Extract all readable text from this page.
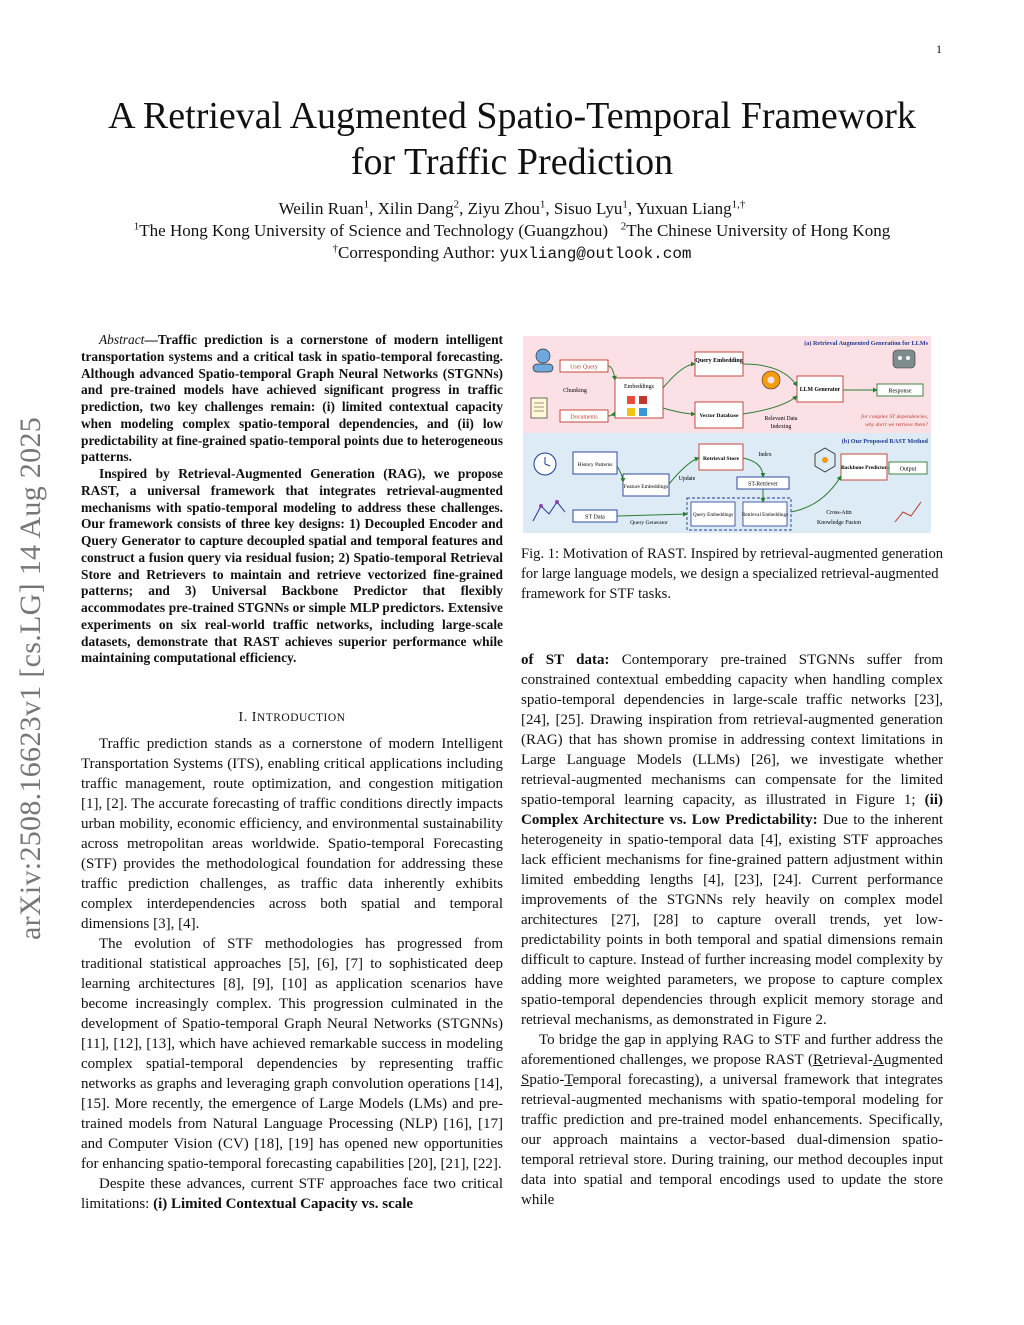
1
arXiv:2508.16623v1 [cs.LG] 14 Aug 2025
A Retrieval Augmented Spatio-Temporal Framework
for Traffic Prediction
Weilin Ruan$^1$, Xilin Dang$^2$, Ziyu Zhou$^1$, Sisuo Lyu$^1$, Yuxuan Liang$^{1,\dagger}$
$^1$The Hong Kong University of Science and Technology (Guangzhou) $^2$The Chinese University of Hong Kong
†Corresponding Author: yuxliang@outlook.com

Abstract—Traffic prediction is a cornerstone of modern intelligent transportation systems and a critical task in spatio-temporal forecasting. Although advanced Spatio-temporal Graph Neural Networks (STGNNs) and pre-trained models have achieved significant progress in traffic prediction, two key challenges remain: (i) limited contextual capacity when modeling complex spatio-temporal dependencies, and (ii) low predictability at fine-grained spatio-temporal points due to heterogeneous patterns.

Inspired by Retrieval-Augmented Generation (RAG), we propose RAST, a universal framework that integrates retrieval-augmented mechanisms with spatio-temporal modeling to address these challenges. Our framework consists of three key designs: 1) Decoupled Encoder and Query Generator to capture decoupled spatial and temporal features and construct a fusion query via residual fusion; 2) Spatio-temporal Retrieval Store and Retrievers to maintain and retrieve vectorized fine-grained patterns; and 3) Universal Backbone Predictor that flexibly accommodates pre-trained STGNNs or simple MLP predictors. Extensive experiments on six real-world traffic networks, including large-scale datasets, demonstrate that RAST achieves superior performance while maintaining computational efficiency.

I. INTRODUCTION

Traffic prediction stands as a cornerstone of modern Intelligent Transportation Systems (ITS), enabling critical applications including traffic management, route optimization, and congestion mitigation [1], [2]. The accurate forecasting of traffic conditions directly impacts urban mobility, economic efficiency, and environmental sustainability across metropolitan areas worldwide. Spatio-temporal Forecasting (STF) provides the methodological foundation for addressing these traffic prediction challenges, as traffic data inherently exhibits complex interdependencies across both spatial and temporal dimensions [3], [4].

The evolution of STF methodologies has progressed from traditional statistical approaches [5], [6], [7] to sophisticated deep learning architectures [8], [9], [10] as application scenarios have become increasingly complex. This progression culminated in the development of Spatio-temporal Graph Neural Networks (STGNNs) [11], [12], [13], which have achieved remarkable success in modeling complex spatial-temporal dependencies by representing traffic networks as graphs and leveraging graph convolution operations [14], [15]. More recently, the emergence of Large Models (LMs) and pre-trained models from Natural Language Processing (NLP) [16], [17] and Computer Vision (CV) [18], [19] has opened new opportunities for enhancing spatio-temporal forecasting capabilities [20], [21], [22].

Despite these advances, current STF approaches face two critical limitations: (i) Limited Contextual Capacity vs. scale

(a) Retrieval Augmented Generation for LLMs
(b) Our Proposed RAST Method
User Query
Chunking
Documents
Embeddings
Query Embedding
Vector Database	Relevant Data
Indexing
LLM Generator	Response
for complex ST dependencies,
why don't we retrieve them?
History Patterns
ST Data
Feature Embeddings
Update
Query Generator
Retrieval Store
Index
ST-Retriever
Query Embeddings Retrieval Embeddings
Backbone Predictor Output
Cross-Attn
Knowledge Fusion
Fig. 1: Motivation of RAST. Inspired by retrieval-augmented generation for large language models, we design a specialized retrieval-augmented framework for STF tasks.

of ST data: Contemporary pre-trained STGNNs suffer from constrained contextual embedding capacity when handling complex spatio-temporal dependencies in large-scale traffic networks [23], [24], [25]. Drawing inspiration from retrieval-augmented generation (RAG) that has shown promise in addressing context limitations in Large Language Models (LLMs) [26], we investigate whether retrieval-augmented mechanisms can compensate for the limited spatio-temporal learning capacity, as illustrated in Figure 1; (ii) Complex Architecture vs. Low Predictability: Due to the inherent heterogeneity in spatio-temporal data [4], existing STF approaches lack efficient mechanisms for fine-grained pattern adjustment within limited embedding lengths [4], [23], [24]. Current performance improvements of the STGNNs rely heavily on complex model architectures [27], [28] to capture overall trends, yet low-predictability points in both temporal and spatial dimensions remain difficult to capture. Instead of further increasing model complexity by adding more weighted parameters, we propose to capture complex spatio-temporal dependencies through explicit memory storage and retrieval mechanisms, as demonstrated in Figure 2.

To bridge the gap in applying RAG to STF and further address the aforementioned challenges, we propose RAST (Retrieval-Augmented Spatio-Temporal forecasting), a universal framework that integrates retrieval-augmented mechanisms with spatio-temporal modeling for traffic prediction and pre-trained model enhancements. Specifically, our approach maintains a vector-based dual-dimension spatio-temporal retrieval store. During training, our method decouples input data into spatial and temporal encodings used to update the store while
